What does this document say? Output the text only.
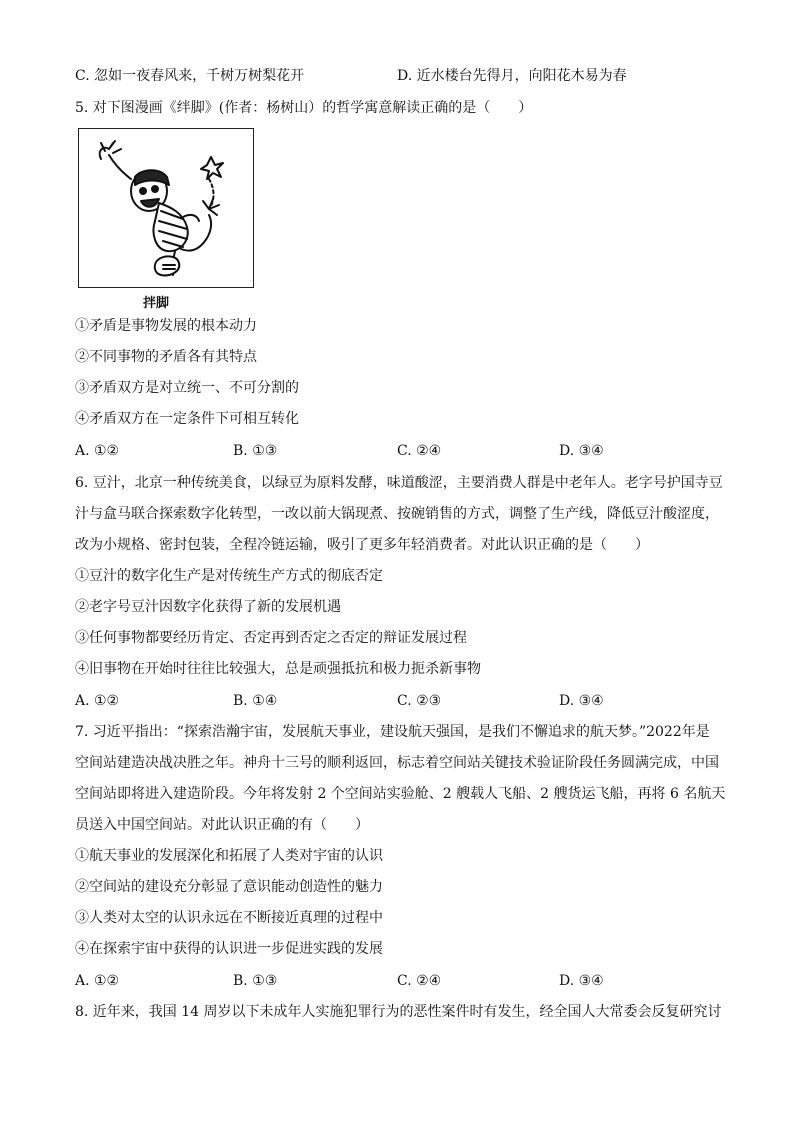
C. 忽如一夜春风来，千树万树梨花开	D. 近水楼台先得月，向阳花木易为春
5. 对下图漫画《绊脚》(作者：杨树山）的哲学寓意解读正确的是（　　）
拌脚
①矛盾是事物发展的根本动力
②不同事物的矛盾各有其特点
③矛盾双方是对立统一、不可分割的
④矛盾双方在一定条件下可相互转化
A. ①②	B. ①③	C. ②④	D. ③④
6. 豆汁，北京一种传统美食，以绿豆为原料发酵，味道酸涩，主要消费人群是中老年人。老字号护国寺豆
汁与盒马联合探索数字化转型，一改以前大锅现煮、按碗销售的方式，调整了生产线，降低豆汁酸涩度，
改为小规格、密封包装，全程冷链运输，吸引了更多年轻消费者。对此认识正确的是（　　）
①豆汁的数字化生产是对传统生产方式的彻底否定
②老字号豆汁因数字化获得了新的发展机遇
③任何事物都要经历肯定、否定再到否定之否定的辩证发展过程
④旧事物在开始时往往比较强大，总是顽强抵抗和极力扼杀新事物
A. ①②	B. ①④	C. ②③	D. ③④
7. 习近平指出：“探索浩瀚宇宙，发展航天事业，建设航天强国，是我们不懈追求的航天梦。”2022年是
空间站建造决战决胜之年。神舟十三号的顺利返回，标志着空间站关键技术验证阶段任务圆满完成，中国
空间站即将进入建造阶段。今年将发射 2 个空间站实验舱、2 艘载人飞船、2 艘货运飞船，再将 6 名航天
员送入中国空间站。对此认识正确的有（　　）
①航天事业的发展深化和拓展了人类对宇宙的认识
②空间站的建设充分彰显了意识能动创造性的魅力
③人类对太空的认识永远在不断接近真理的过程中
④在探索宇宙中获得的认识进一步促进实践的发展
A. ①②	B. ①③	C. ②④	D. ③④
8. 近年来，我国 14 周岁以下未成年人实施犯罪行为的恶性案件时有发生，经全国人大常委会反复研究讨
